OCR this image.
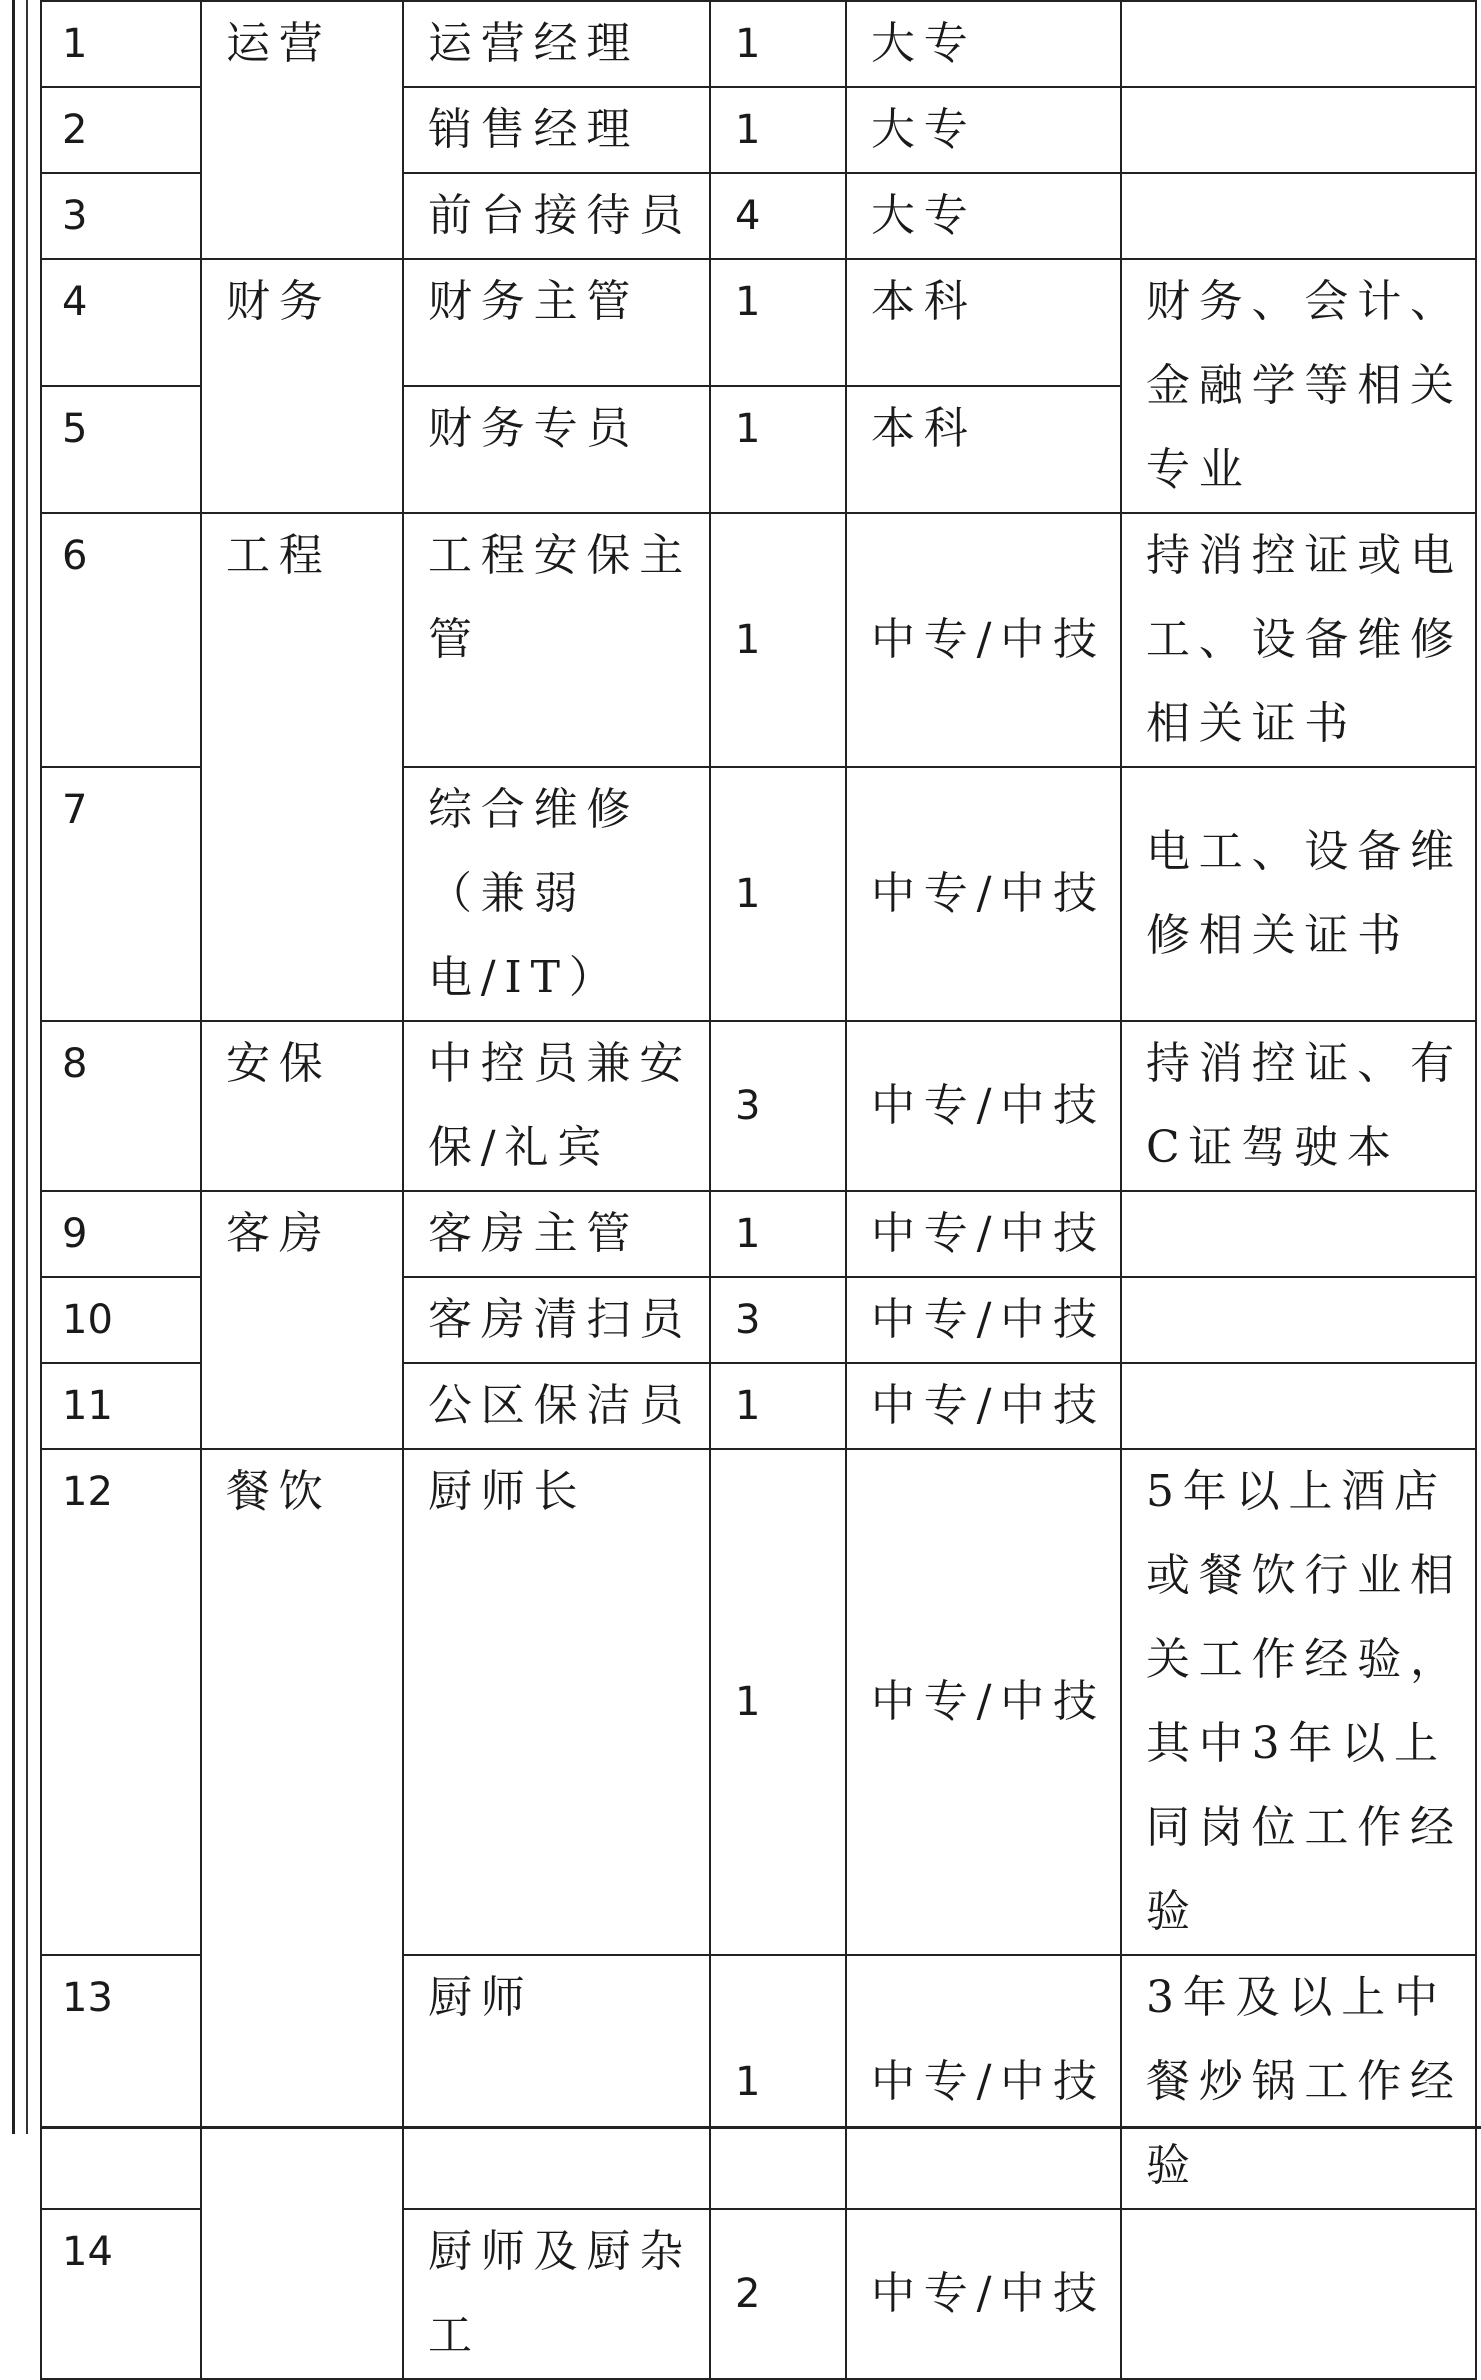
1	运营	运营经理	1	大专	
2		销售经理	1	大专	
3		前台接待员	4	大专	
4	财务	财务主管	1	本科	财务、会计、金融学等相关专业
5		财务专员	1	本科	
6	工程	工程安保主管	1	中专/中技	持消控证或电工、设备维修相关证书
7		综合维修（兼弱电/IT）	1	中专/中技	电工、设备维修相关证书
8	安保	中控员兼安保/礼宾	3	中专/中技	持消控证、有C证驾驶本
9	客房	客房主管	1	中专/中技	
10		客房清扫员	3	中专/中技	
11		公区保洁员	1	中专/中技	
12	餐饮	厨师长	1	中专/中技	5年以上酒店或餐饮行业相关工作经验，其中3年以上同岗位工作经验
13		厨师	1	中专/中技	3年及以上中餐炒锅工作经验
14		厨师及厨杂工	2	中专/中技	
